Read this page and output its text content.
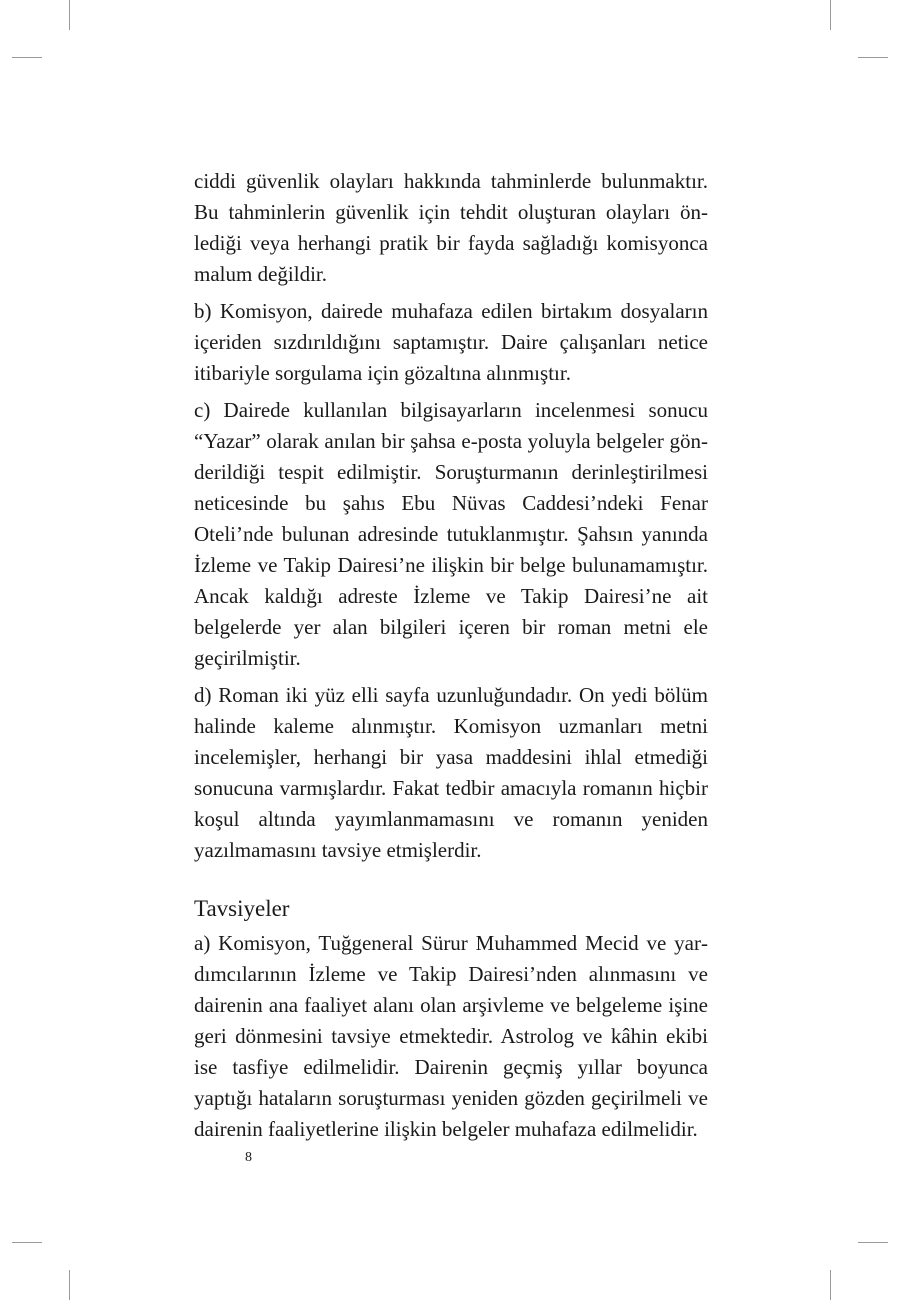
ciddi güvenlik olayları hakkında tahminlerde bulunmaktır. Bu tahminlerin güvenlik için tehdit oluşturan olayları önlediği veya herhangi pratik bir fayda sağladığı komisyonca malum değildir.

b) Komisyon, dairede muhafaza edilen birtakım dosyaların içeriden sızdırıldığını saptamıştır. Daire çalışanları netice itibariyle sorgulama için gözaltına alınmıştır.

c) Dairede kullanılan bilgisayarların incelenmesi sonucu “Yazar” olarak anılan bir şahsa e-posta yoluyla belgeler gönderildiği tespit edilmiştir. Soruşturmanın derinleştirilmesi neticesinde bu şahıs Ebu Nüvas Caddesi’ndeki Fenar Oteli’nde bulunan adresinde tutuklanmıştır. Şahsın yanında İzleme ve Takip Dairesi’ne ilişkin bir belge bulunamamıştır. Ancak kaldığı adreste İzleme ve Takip Dairesi’ne ait belgelerde yer alan bilgileri içeren bir roman metni ele geçirilmiştir.

d) Roman iki yüz elli sayfa uzunluğundadır. On yedi bölüm halinde kaleme alınmıştır. Komisyon uzmanları metni incelemişler, herhangi bir yasa maddesini ihlal etmediği sonucuna varmışlardır. Fakat tedbir amacıyla romanın hiçbir koşul altında yayımlanmamasını ve romanın yeniden yazılmamasını tavsiye etmişlerdir.

Tavsiyeler

a) Komisyon, Tuğgeneral Sürur Muhammed Mecid ve yardımcılarının İzleme ve Takip Dairesi’nden alınmasını ve dairenin ana faaliyet alanı olan arşivleme ve belgeleme işine geri dönmesini tavsiye etmektedir. Astrolog ve kâhin ekibi ise tasfiye edilmelidir. Dairenin geçmiş yıllar boyunca yaptığı hataların soruşturması yeniden gözden geçirilmeli ve dairenin faaliyetlerine ilişkin belgeler muhafaza edilmelidir.

8
